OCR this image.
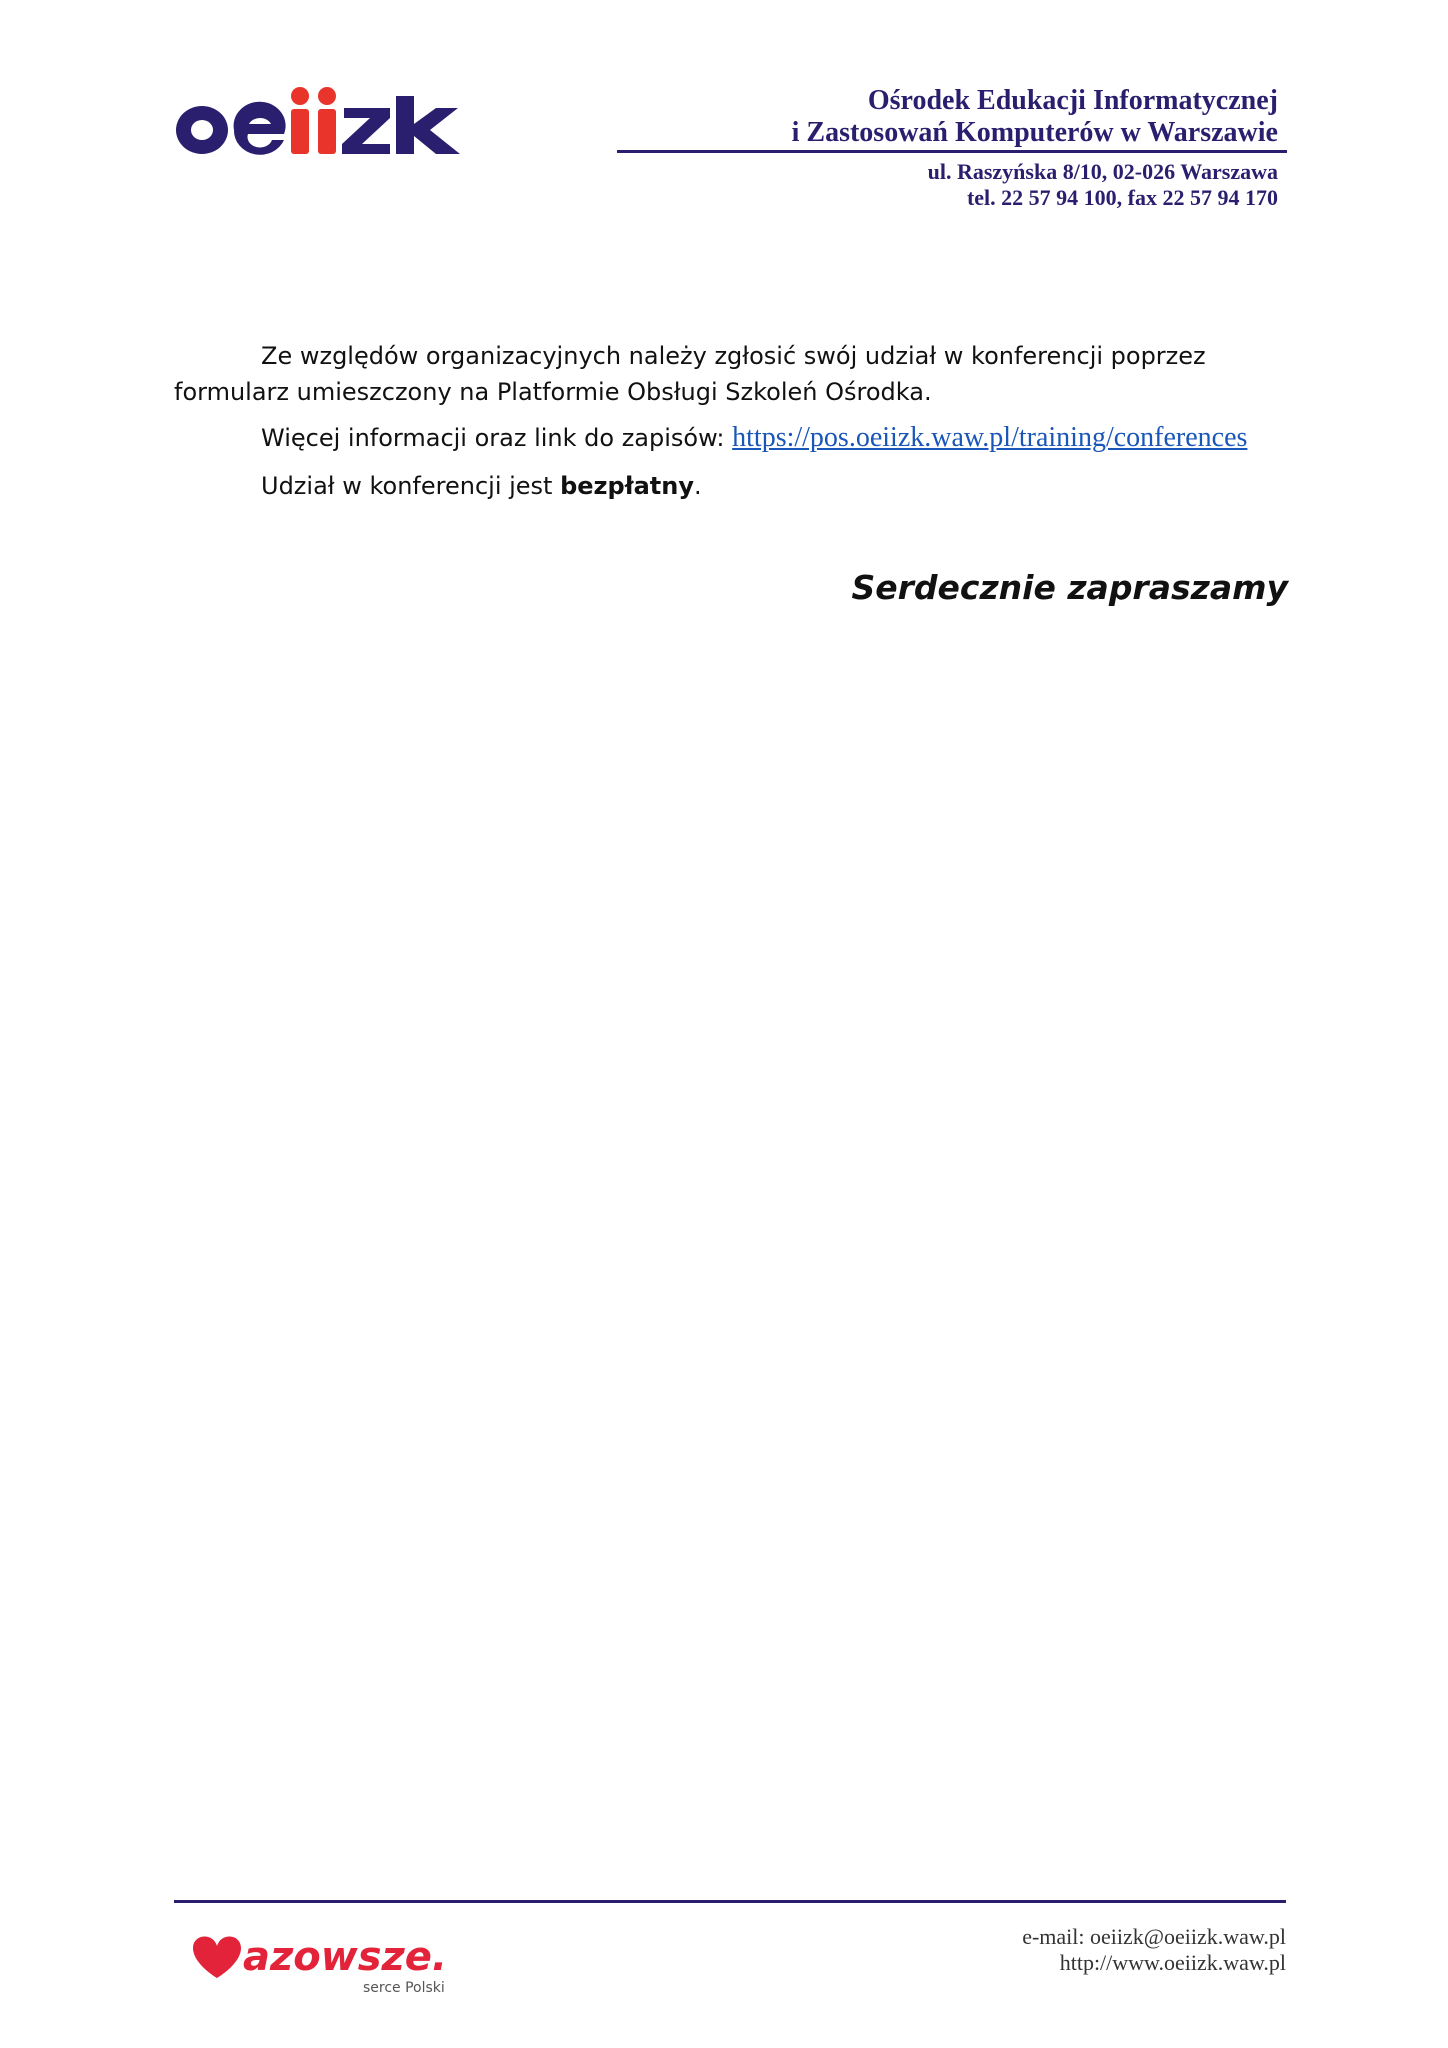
Ośrodek Edukacji Informatycznej
i Zastosowań Komputerów w Warszawie
ul. Raszyńska 8/10, 02-026 Warszawa
tel. 22 57 94 100, fax 22 57 94 170
Ze względów organizacyjnych należy zgłosić swój udział w konferencji poprzez formularz umieszczony na Platformie Obsługi Szkoleń Ośrodka.
Więcej informacji oraz link do zapisów: https://pos.oeiizk.waw.pl/training/conferences
Udział w konferencji jest bezpłatny.
Serdecznie zapraszamy
azowsze.
serce Polski
e-mail: oeiizk@oeiizk.waw.pl
http://www.oeiizk.waw.pl
